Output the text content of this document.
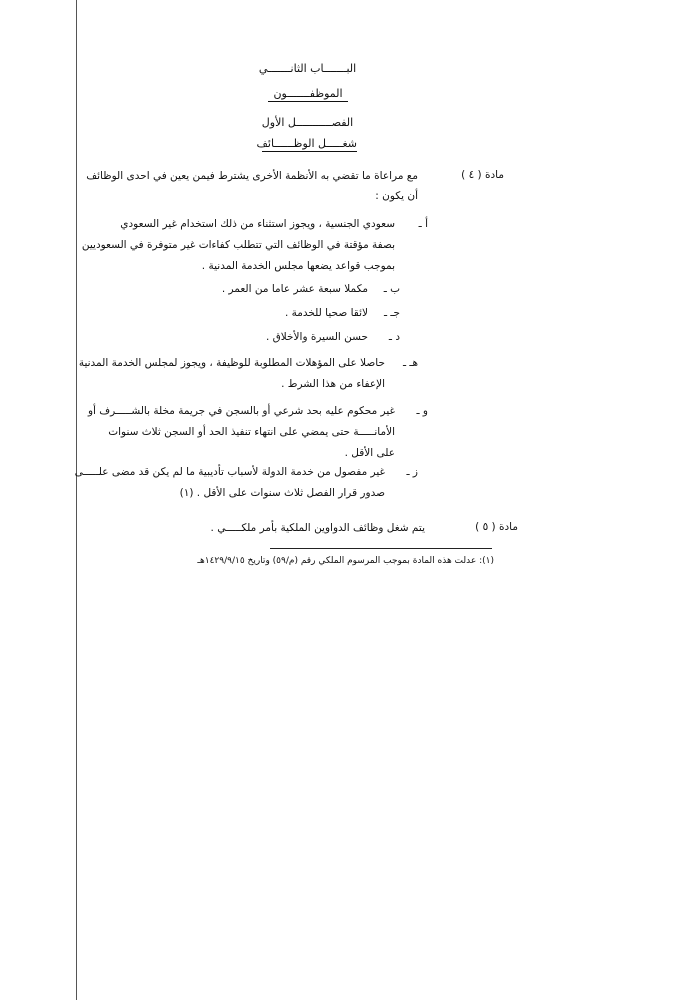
البـــــــاب الثانـــــــي
الموظفـــــــون
الفصـــــــــــل الأول
شغـــــل الوظــــــائف
مادة ( ٤ )
مع مراعاة ما تقضي به الأنظمة الأخرى يشترط فيمن يعين في احدى الوظائف
أن يكون :
أ ـ
سعودي الجنسية ، ويجوز استثناء من ذلك استخدام غير السعودي
بصفة مؤقتة في الوظائف التي تتطلب كفاءات غير متوفرة في السعوديين
بموجب قواعد يضعها مجلس الخدمة المدنية .
ب ـ
مكملا سبعة عشر عاما من العمر .
جـ ـ
لائقا صحيا للخدمة .
د ـ
حسن السيرة والأخلاق .
هـ ـ
حاصلا على المؤهلات المطلوبة للوظيفة ، ويجوز لمجلس الخدمة المدنية
الإعفاء من هذا الشرط .
و ـ
غير محكوم عليه بحد شرعي أو بالسجن في جريمة مخلة بالشـــــرف أو
الأمانـــــة حتى يمضي على انتهاء تنفيذ الحد أو السجن ثلاث سنوات
على الأقل .
ز ـ
غير مفصول من خدمة الدولة لأسباب تأديبية ما لم يكن قد مضى علـــــى
صدور قرار الفصل ثلاث سنوات على الأقل . (١)
مادة ( ٥ )
يتم شغل وظائف الدواوين الملكية بأمر ملكـــــي .
(١): عدلت هذه المادة بموجب المرسوم الملكي رقم (م/٥٩) وتاريخ ١٤٢٩/٩/١٥هـ
